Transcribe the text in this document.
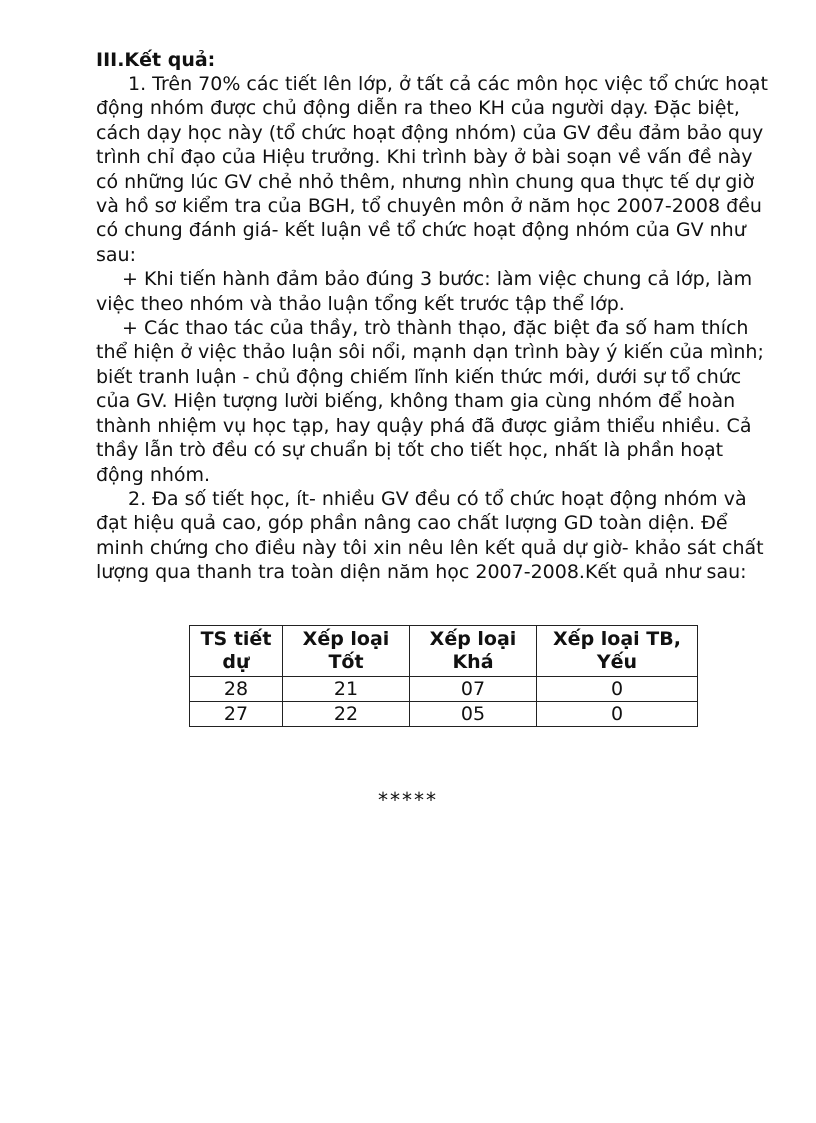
III.Kết quả:

1. Trên 70% các tiết lên lớp, ở tất cả các môn học việc tổ chức hoạt động nhóm được chủ động diễn ra theo KH của người dạy. Đặc biệt, cách dạy học này (tổ chức hoạt động nhóm) của GV đều đảm bảo quy trình chỉ đạo của Hiệu trưởng. Khi trình bày ở bài soạn về vấn đề này có những lúc GV chẻ nhỏ thêm, nhưng nhìn chung qua thực tế dự giờ và hồ sơ kiểm tra của BGH, tổ chuyên môn ở năm học 2007-2008 đều có chung đánh giá- kết luận về tổ chức hoạt động nhóm của GV như sau:

+ Khi tiến hành đảm bảo đúng 3 bước: làm việc chung cả lớp, làm việc theo nhóm và thảo luận tổng kết trước tập thể lớp.

+ Các thao tác của thầy, trò thành thạo, đặc biệt đa số ham thích thể hiện ở việc thảo luận sôi nổi, mạnh dạn trình bày ý kiến của mình; biết tranh luận - chủ động chiếm lĩnh kiến thức mới, dưới sự tổ chức của GV. Hiện tượng lười biếng, không tham gia cùng nhóm để hoàn thành nhiệm vụ học tạp, hay quậy phá đã được giảm thiểu nhiều. Cả thầy lẫn trò đều có sự chuẩn bị tốt cho tiết học, nhất là phần hoạt động nhóm.

2. Đa số tiết học, ít- nhiều GV đều có tổ chức hoạt động nhóm và đạt hiệu quả cao, góp phần nâng cao chất lượng GD toàn diện. Để minh chứng cho điều này tôi xin nêu lên kết quả dự giờ- khảo sát chất lượng qua thanh tra toàn diện năm học 2007-2008.Kết quả như sau:

TS tiết dự	Xếp loại Tốt	Xếp loại Khá	Xếp loại TB, Yếu
28	21	07	0
27	22	05	0
*****
